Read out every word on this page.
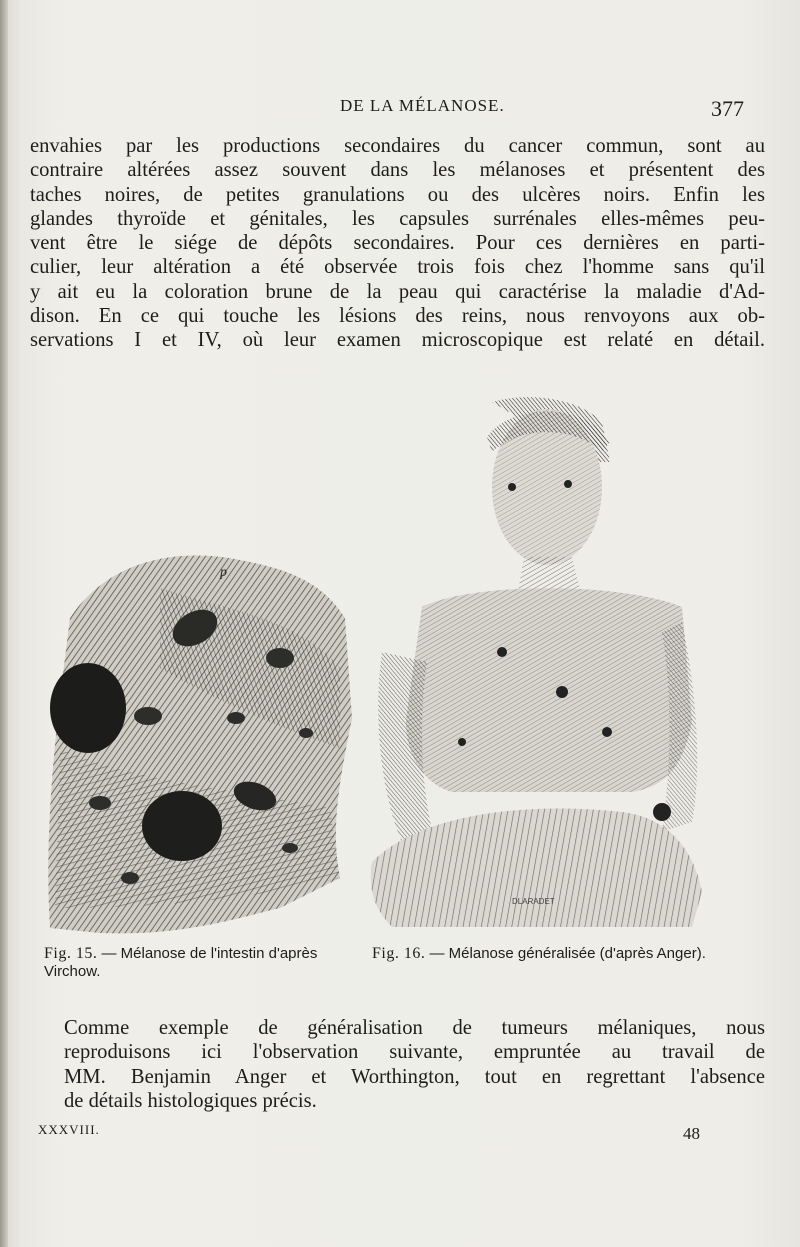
DE LA MÉLANOSE.	377
envahies par les productions secondaires du cancer commun, sont au
contraire altérées assez souvent dans les mélanoses et présentent des
taches noires, de petites granulations ou des ulcères noirs. Enfin les
glandes thyroïde et génitales, les capsules surrénales elles-mêmes peu-
vent être le siége de dépôts secondaires. Pour ces dernières en parti-
culier, leur altération a été observée trois fois chez l'homme sans qu'il
y ait eu la coloration brune de la peau qui caractérise la maladie d'Ad-
dison. En ce qui touche les lésions des reins, nous renvoyons aux ob-
servations I et IV, où leur examen microscopique est relaté en détail.
p
DLARADET
Fig. 15. — Mélanose de l'intestin d'après Virchow.
Fig. 16. — Mélanose généralisée (d'après Anger).
Comme exemple de généralisation de tumeurs mélaniques, nous
reproduisons ici l'observation suivante, empruntée au travail de
MM. Benjamin Anger et Worthington, tout en regrettant l'absence
de détails histologiques précis.
XXXVIII.	48
